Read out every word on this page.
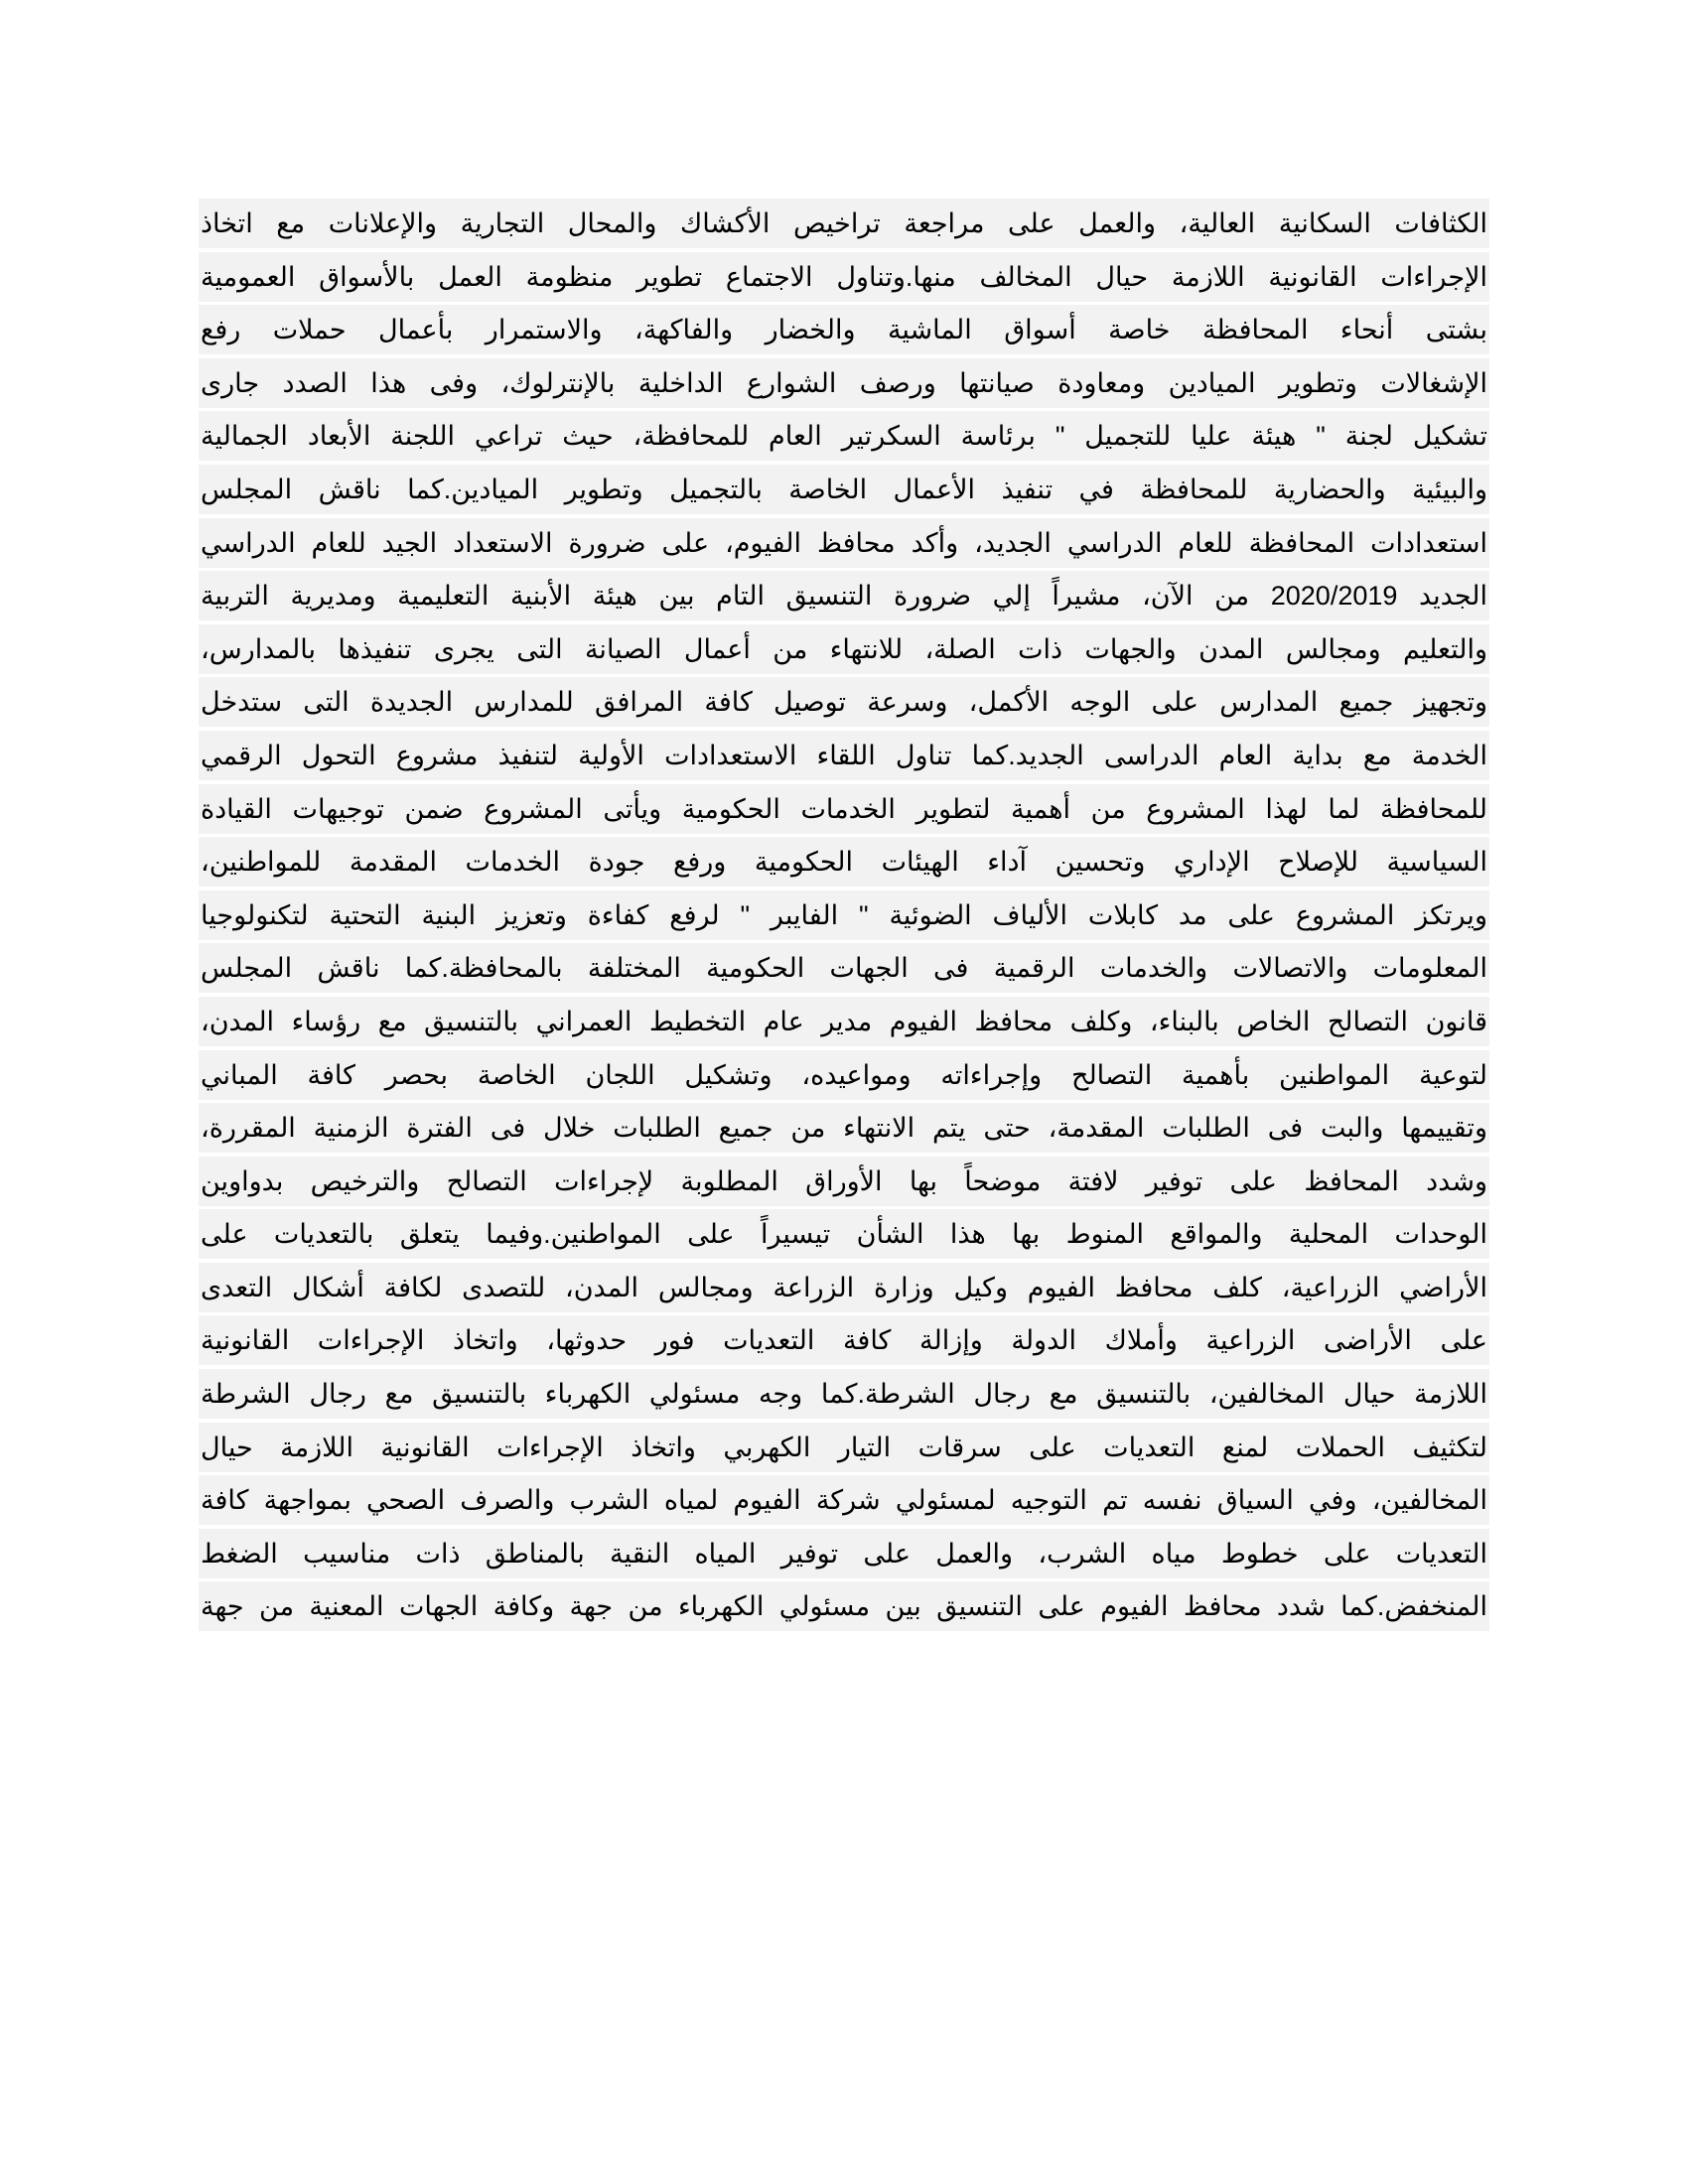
الكثافات السكانية العالية، والعمل على مراجعة تراخيص الأكشاك والمحال التجارية والإعلانات مع اتخاذ
الإجراءات القانونية اللازمة حيال المخالف منها.وتناول الاجتماع تطوير منظومة العمل بالأسواق العمومية
بشتى أنحاء المحافظة خاصة أسواق الماشية والخضار والفاكهة، والاستمرار بأعمال حملات رفع
الإشغالات وتطوير الميادين ومعاودة صيانتها ورصف الشوارع الداخلية بالإنترلوك، وفى هذا الصدد جارى
تشكيل لجنة " هيئة عليا للتجميل " برئاسة السكرتير العام للمحافظة، حيث تراعي اللجنة الأبعاد الجمالية
والبيئية والحضارية للمحافظة في تنفيذ الأعمال الخاصة بالتجميل وتطوير الميادين.كما ناقش المجلس
استعدادات المحافظة للعام الدراسي الجديد، وأكد محافظ الفيوم، على ضرورة الاستعداد الجيد للعام الدراسي
الجديد 2020/2019 من الآن، مشيراً إلي ضرورة التنسيق التام بين هيئة الأبنية التعليمية ومديرية التربية
والتعليم ومجالس المدن والجهات ذات الصلة، للانتهاء من أعمال الصيانة التى يجرى تنفيذها بالمدارس،
وتجهيز جميع المدارس على الوجه الأكمل، وسرعة توصيل كافة المرافق للمدارس الجديدة التى ستدخل
الخدمة مع بداية العام الدراسى الجديد.كما تناول اللقاء الاستعدادات الأولية لتنفيذ مشروع التحول الرقمي
للمحافظة لما لهذا المشروع من أهمية لتطوير الخدمات الحكومية ويأتى المشروع ضمن توجيهات القيادة
السياسية للإصلاح الإداري وتحسين آداء الهيئات الحكومية ورفع جودة الخدمات المقدمة للمواطنين،
ويرتكز المشروع على مد كابلات الألياف الضوئية " الفايبر " لرفع كفاءة وتعزيز البنية التحتية لتكنولوجيا
المعلومات والاتصالات والخدمات الرقمية فى الجهات الحكومية المختلفة بالمحافظة.كما ناقش المجلس
قانون التصالح الخاص بالبناء، وكلف محافظ الفيوم مدير عام التخطيط العمراني بالتنسيق مع رؤساء المدن،
لتوعية المواطنين بأهمية التصالح وإجراءاته ومواعيده، وتشكيل اللجان الخاصة بحصر كافة المباني
وتقييمها والبت فى الطلبات المقدمة، حتى يتم الانتهاء من جميع الطلبات خلال فى الفترة الزمنية المقررة،
وشدد المحافظ على توفير لافتة موضحاً بها الأوراق المطلوبة لإجراءات التصالح والترخيص بدواوين
الوحدات المحلية والمواقع المنوط بها هذا الشأن تيسيراً على المواطنين.وفيما يتعلق بالتعديات على
الأراضي الزراعية، كلف محافظ الفيوم وكيل وزارة الزراعة ومجالس المدن، للتصدى لكافة أشكال التعدى
على الأراضى الزراعية وأملاك الدولة وإزالة كافة التعديات فور حدوثها، واتخاذ الإجراءات القانونية
اللازمة حيال المخالفين، بالتنسيق مع رجال الشرطة.كما وجه مسئولي الكهرباء بالتنسيق مع رجال الشرطة
لتكثيف الحملات لمنع التعديات على سرقات التيار الكهربي واتخاذ الإجراءات القانونية اللازمة حيال
المخالفين، وفي السياق نفسه تم التوجيه لمسئولي شركة الفيوم لمياه الشرب والصرف الصحي بمواجهة كافة
التعديات على خطوط مياه الشرب، والعمل على توفير المياه النقية بالمناطق ذات مناسيب الضغط
المنخفض.كما شدد محافظ الفيوم على التنسيق بين مسئولي الكهرباء من جهة وكافة الجهات المعنية من جهة
